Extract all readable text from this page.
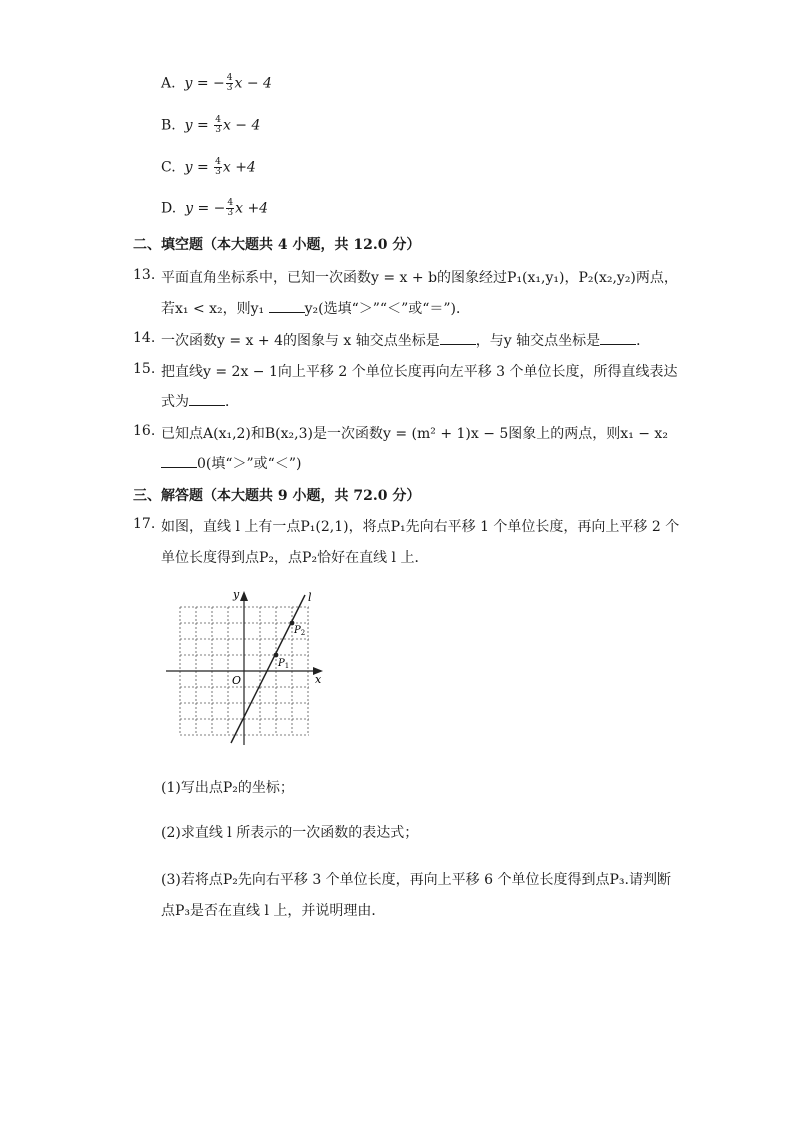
A. y = − $\frac{4}{3}$ x − 4
B. $y = \frac{4}{3}$ x − 4
C. $y = \frac{4}{3}$ x +4
D. y = − $\frac{4}{3}$ x +4
二、填空题（本大题共 4 小题，共 12.0 分）
13. 平面直角坐标系中，已知一次函数y = x + b的图象经过P₁(x₁,y₁)，P₂(x₂,y₂)两点，
若x₁ < x₂，则y₁	y₂(选填“＞”“＜”或“＝”)．
14. 一次函数y = x + 4的图象与 x 轴交点坐标是	，与y 轴交点坐标是	．
15. 把直线y = 2x − 1向上平移 2 个单位长度再向左平移 3 个单位长度，所得直线表达
式为	．
16. 已知点A(x₁,2)和B(x₂,3)是一次函数y = (m² + 1)x − 5图象上的两点，则x₁ − x₂
0(填“＞”或“＜”)
三、解答题（本大题共 9 小题，共 72.0 分）
17. 如图，直线 l 上有一点P₁(2,1)，将点P₁先向右平移 1 个单位长度，再向上平移 2 个
单位长度得到点P₂，点P₂恰好在直线 l 上．
y
x
O
l
$P_1$
$P_2$
(1)写出点P₂的坐标；
(2)求直线 l 所表示的一次函数的表达式；
(3)若将点P₂先向右平移 3 个单位长度，再向上平移 6 个单位长度得到点P₃.请判断
点P₃是否在直线 l 上，并说明理由．
